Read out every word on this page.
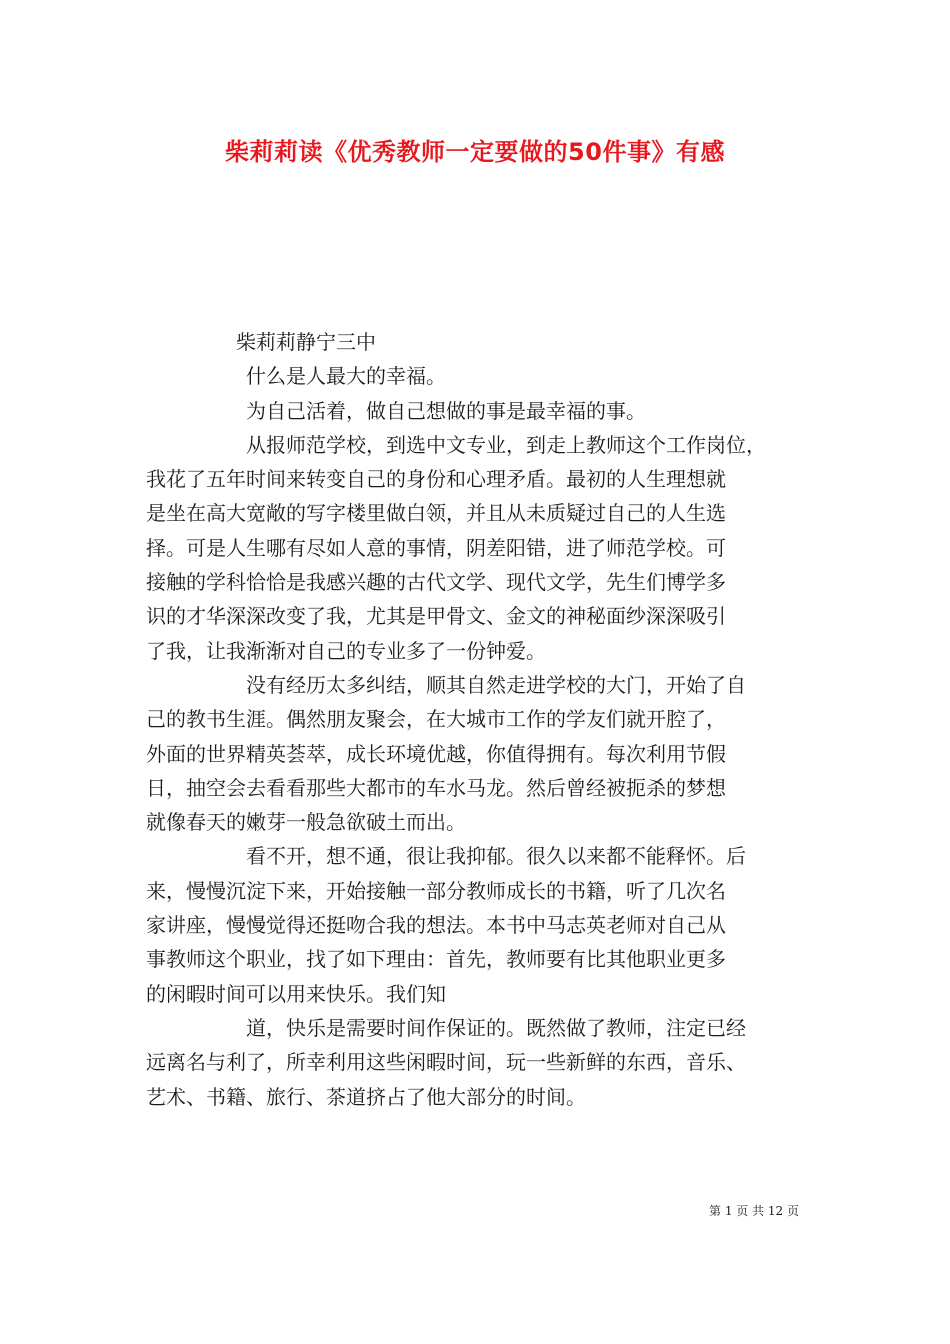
柴莉莉读《优秀教师一定要做的50件事》有感
柴莉莉静宁三中
什么是人最大的幸福。
为自己活着，做自己想做的事是最幸福的事。
从报师范学校，到选中文专业，到走上教师这个工作岗位，
我花了五年时间来转变自己的身份和心理矛盾。最初的人生理想就
是坐在高大宽敞的写字楼里做白领，并且从未质疑过自己的人生选
择。可是人生哪有尽如人意的事情，阴差阳错，进了师范学校。可
接触的学科恰恰是我感兴趣的古代文学、现代文学，先生们博学多
识的才华深深改变了我，尤其是甲骨文、金文的神秘面纱深深吸引
了我，让我渐渐对自己的专业多了一份钟爱。
没有经历太多纠结，顺其自然走进学校的大门，开始了自
己的教书生涯。偶然朋友聚会，在大城市工作的学友们就开腔了，
外面的世界精英荟萃，成长环境优越，你值得拥有。每次利用节假
日，抽空会去看看那些大都市的车水马龙。然后曾经被扼杀的梦想
就像春天的嫩芽一般急欲破土而出。
看不开，想不通，很让我抑郁。很久以来都不能释怀。后
来，慢慢沉淀下来，开始接触一部分教师成长的书籍，听了几次名
家讲座，慢慢觉得还挺吻合我的想法。本书中马志英老师对自己从
事教师这个职业，找了如下理由：首先，教师要有比其他职业更多
的闲暇时间可以用来快乐。我们知
道，快乐是需要时间作保证的。既然做了教师，注定已经
远离名与利了，所幸利用这些闲暇时间，玩一些新鲜的东西，音乐、
艺术、书籍、旅行、茶道挤占了他大部分的时间。
第 1 页 共 12 页
